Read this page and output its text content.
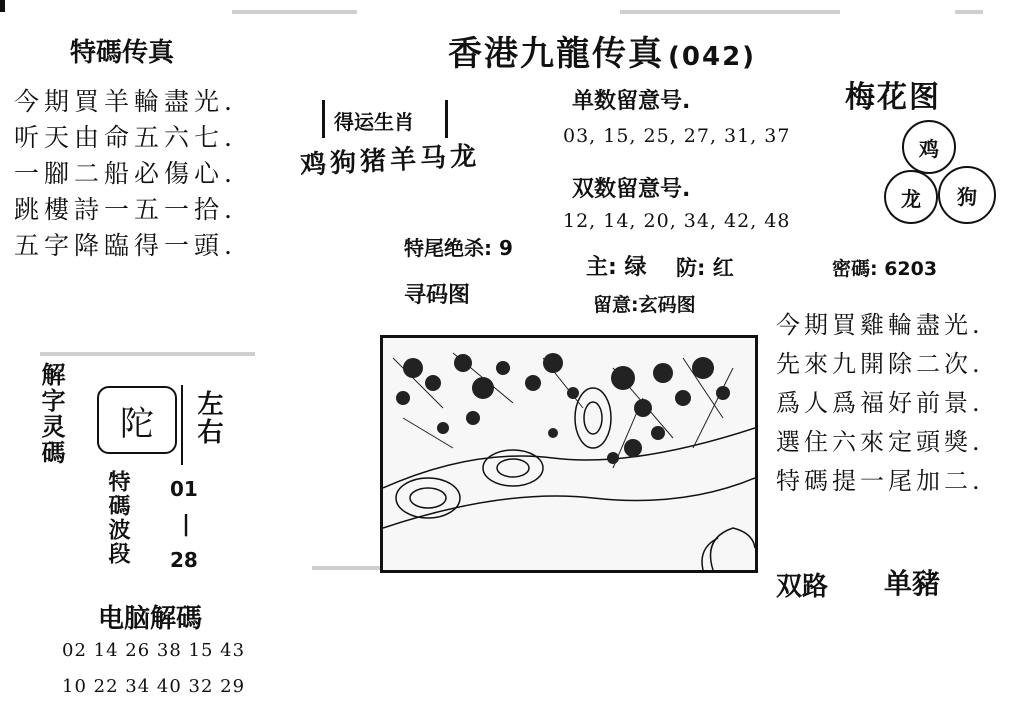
特碼传真
今期買羊輪盡光.
听天由命五六七.
一腳二船必傷心.
跳樓詩一五一拾.
五字降臨得一頭.
香港九龍传真 (042)
得运生肖
鸡狗猪羊马龙
单数留意号.
03, 15, 25, 27, 31, 37
双数留意号.
12, 14, 20, 34, 42, 48
梅花图
鸡
龙 狗
特尾绝杀: 9
寻码图
主: 绿 防: 红
留意:玄码图
密碼: 6203
今期買雞輪盡光.
先來九開除二次.
爲人爲福好前景.
選住六來定頭獎.
特碼提一尾加二.
双路 单豬
解字灵碼 陀 左右
特碼波段 01
|
28
电脑解碼
02 14 26 38 15 43
10 22 34 40 32 29
